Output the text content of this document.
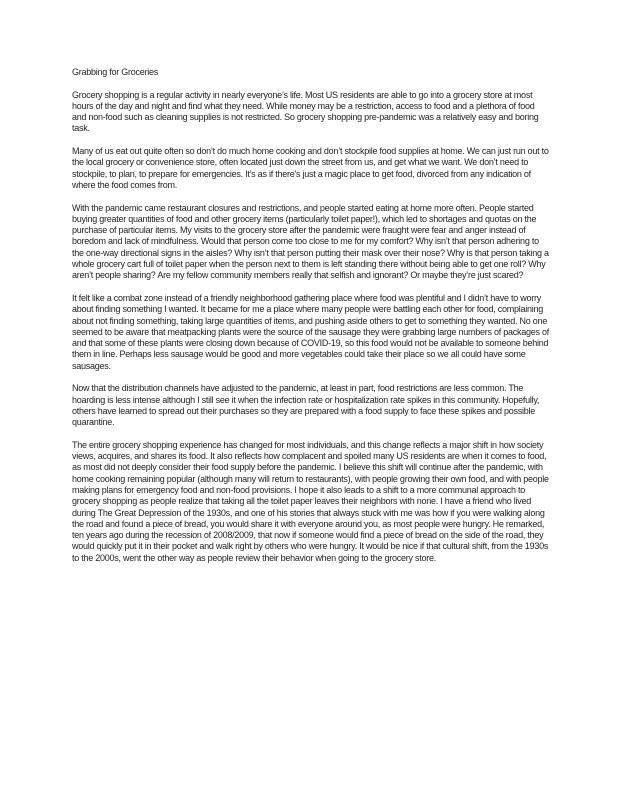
Grabbing for Groceries

Grocery shopping is a regular activity in nearly everyone’s life. Most US residents are able to go into a grocery store at most hours of the day and night and find what they need. While money may be a restriction, access to food and a plethora of food and non-food such as cleaning supplies is not restricted. So grocery shopping pre-pandemic was a relatively easy and boring task.

Many of us eat out quite often so don’t do much home cooking and don’t stockpile food supplies at home. We can just run out to the local grocery or convenience store, often located just down the street from us, and get what we want. We don’t need to stockpile, to plan, to prepare for emergencies. It’s as if there’s just a magic place to get food, divorced from any indication of where the food comes from.

With the pandemic came restaurant closures and restrictions, and people started eating at home more often. People started buying greater quantities of food and other grocery items (particularly toilet paper!), which led to shortages and quotas on the purchase of particular items. My visits to the grocery store after the pandemic were fraught were fear and anger instead of boredom and lack of mindfulness. Would that person come too close to me for my comfort? Why isn’t that person adhering to the one-way directional signs in the aisles? Why isn’t that person putting their mask over their nose? Why is that person taking a whole grocery cart full of toilet paper when the person next to them is left standing there without being able to get one roll? Why aren’t people sharing? Are my fellow community members really that selfish and ignorant? Or maybe they’re just scared?

It felt like a combat zone instead of a friendly neighborhood gathering place where food was plentiful and I didn’t have to worry about finding something I wanted. It became for me a place where many people were battling each other for food, complaining about not finding something, taking large quantities of items, and pushing aside others to get to something they wanted. No one seemed to be aware that meatpacking plants were the source of the sausage they were grabbing large numbers of packages of and that some of these plants were closing down because of COVID-19, so this food would not be available to someone behind them in line. Perhaps less sausage would be good and more vegetables could take their place so we all could have some sausages.

Now that the distribution channels have adjusted to the pandemic, at least in part, food restrictions are less common. The hoarding is less intense although I still see it when the infection rate or hospitalization rate spikes in this community. Hopefully, others have learned to spread out their purchases so they are prepared with a food supply to face these spikes and possible quarantine.

The entire grocery shopping experience has changed for most individuals, and this change reflects a major shift in how society views, acquires, and shares its food. It also reflects how complacent and spoiled many US residents are when it comes to food, as most did not deeply consider their food supply before the pandemic. I believe this shift will continue after the pandemic, with home cooking remaining popular (although many will return to restaurants), with people growing their own food, and with people making plans for emergency food and non-food provisions. I hope it also leads to a shift to a more communal approach to grocery shopping as people realize that taking all the toilet paper leaves their neighbors with none. I have a friend who lived during The Great Depression of the 1930s, and one of his stories that always stuck with me was how if you were walking along the road and found a piece of bread, you would share it with everyone around you, as most people were hungry. He remarked, ten years ago during the recession of 2008/2009, that now if someone would find a piece of bread on the side of the road, they would quickly put it in their pocket and walk right by others who were hungry. It would be nice if that cultural shift, from the 1930s to the 2000s, went the other way as people review their behavior when going to the grocery store.
